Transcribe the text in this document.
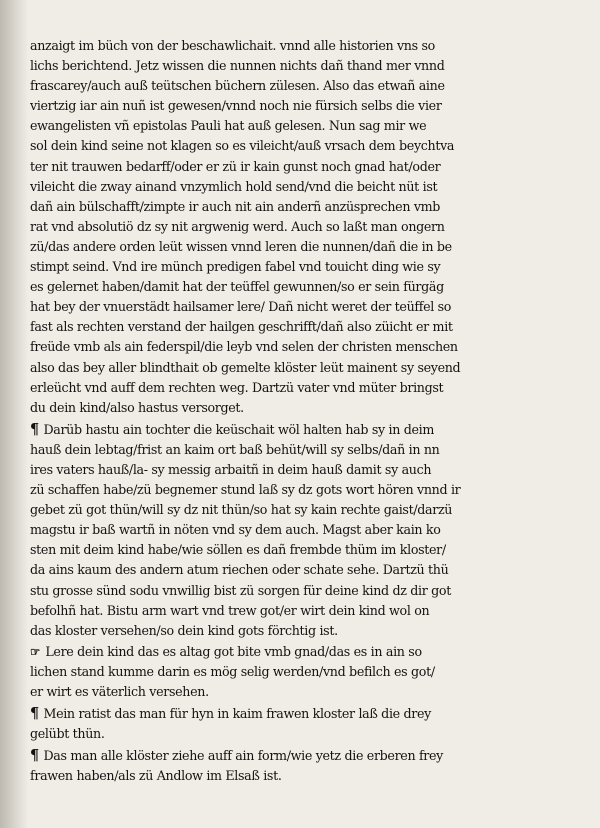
anzaigt im büch von der beschawlichait. vnnd alle historien vns so
lichs berichtend. Jetz wissen die nunnen nichts dañ thand mer vnnd
frascarey/auch auß teütschen büchern zülesen. Also das etwañ aine
viertzig iar ain nuñ ist gewesen/vnnd noch nie fürsich selbs die vier
ewangelisten vñ epistolas Pauli hat auß gelesen. Nun sag mir we
sol dein kind seine not klagen so es vileicht/auß vrsach dem beychtva
ter nit trauwen bedarff/oder er zü ir kain gunst noch gnad hat/oder
vileicht die zway ainand vnzymlich hold send/vnd die beicht nüt ist
dañ ain bülschafft/zimpte ir auch nit ain anderñ anzüsprechen vmb
rat vnd absolutiö dz sy nit argwenig werd. Auch so laßt man ongern
zü/das andere orden leüt wissen vnnd leren die nunnen/dañ die in be
stimpt seind. Vnd ire münch predigen fabel vnd touicht ding wie sy
es gelernet haben/damit hat der teüffel gewunnen/so er sein fürgäg
hat bey der vnuerstädt hailsamer lere/ Dañ nicht weret der teüffel so
fast als rechten verstand der hailgen geschrifft/dañ also züicht er mit
freüde vmb als ain federspil/die leyb vnd selen der christen menschen
also das bey aller blindthait ob gemelte klöster leüt mainent sy seyend
erleücht vnd auff dem rechten weg. Dartzü vater vnd müter bringst
du dein kind/also hastus versorget.
¶ Darüb hastu ain tochter die keüschait wöl halten hab sy in deim
hauß dein lebtag/frist an kaim ort baß behüt/will sy selbs/dañ in nn
ires vaters hauß/la- sy messig arbaitñ in deim hauß damit sy auch
zü schaffen habe/zü begnemer stund laß sy dz gots wort hören vnnd ir
gebet zü got thün/will sy dz nit thün/so hat sy kain rechte gaist/darzü
magstu ir baß wartñ in nöten vnd sy dem auch. Magst aber kain ko
sten mit deim kind habe/wie söllen es dañ frembde thüm im kloster/
da ains kaum des andern atum riechen oder schate sehe. Dartzü thü
stu grosse sünd sodu vnwillig bist zü sorgen für deine kind dz dir got
befolhñ hat. Bistu arm wart vnd trew got/er wirt dein kind wol on
das kloster versehen/so dein kind gots förchtig ist.
☞ Lere dein kind das es altag got bite vmb gnad/das es in ain so
lichen stand kumme darin es mög selig werden/vnd befilch es got/
er wirt es väterlich versehen.
¶ Mein ratist das man für hyn in kaim frawen kloster laß die drey
gelübt thün.
¶ Das man alle klöster ziehe auff ain form/wie yetz die erberen frey
frawen haben/als zü Andlow im Elsaß ist.
